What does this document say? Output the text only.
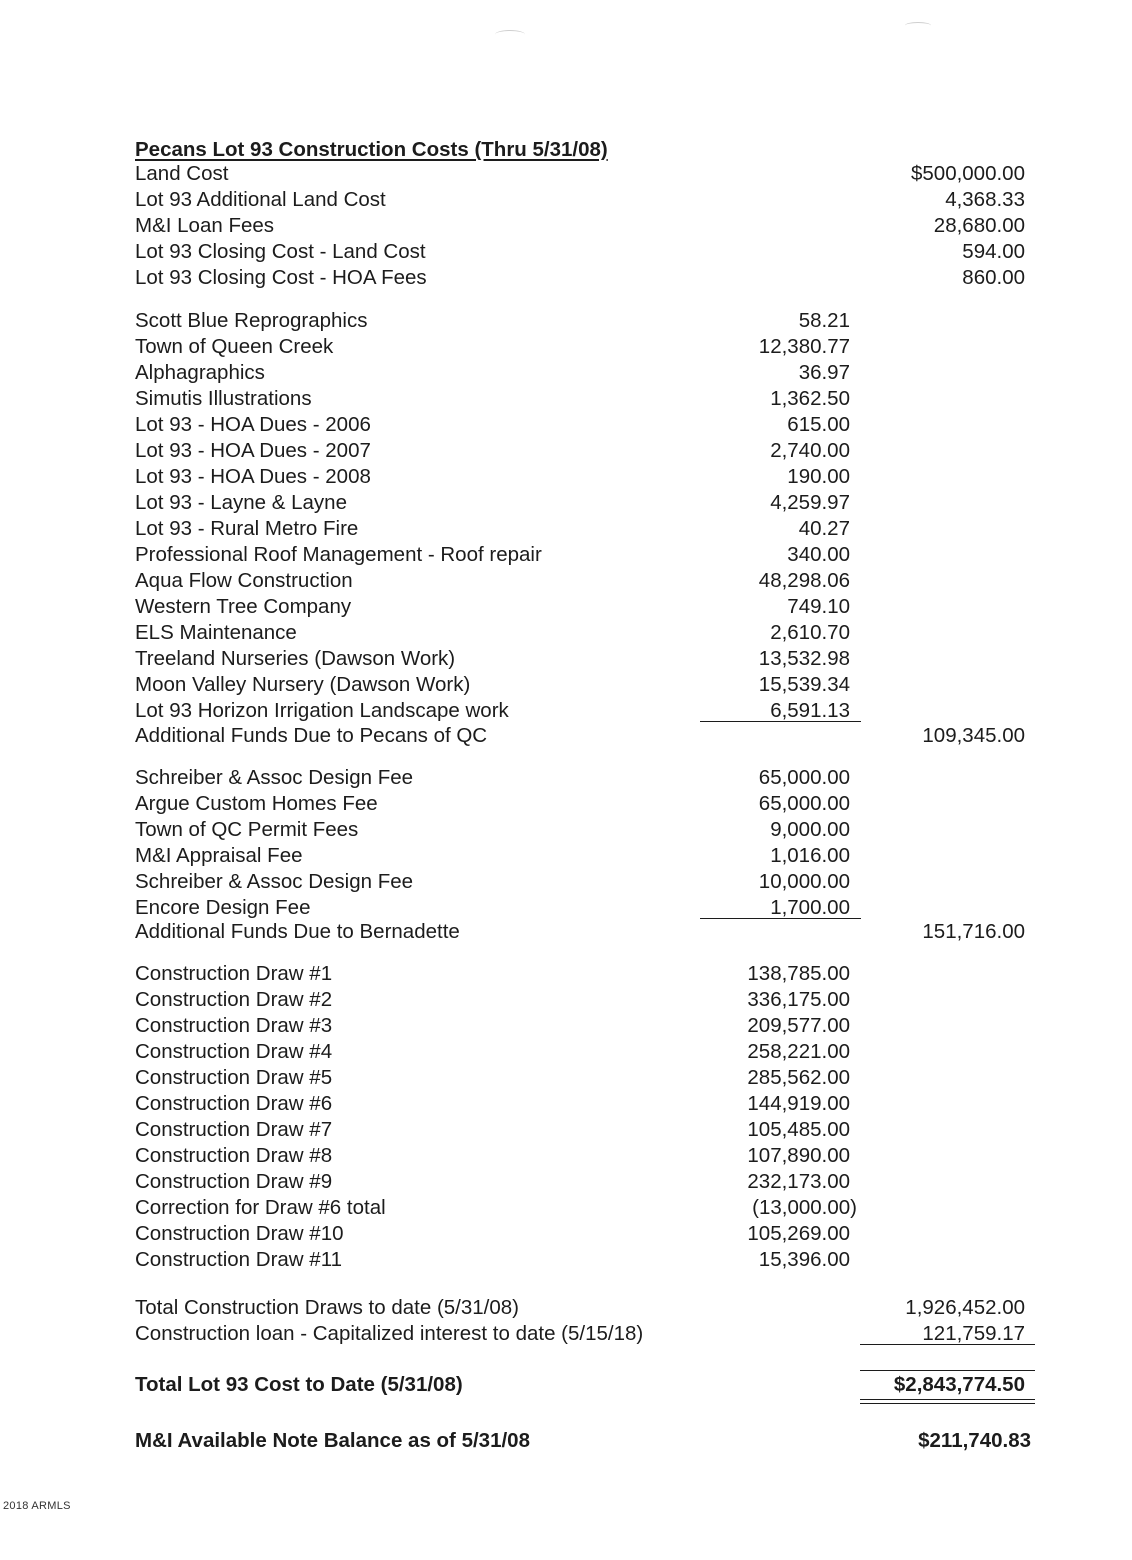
Pecans Lot 93 Construction Costs (Thru 5/31/08)
Land Cost	$500,000.00
Lot 93 Additional Land Cost	4,368.33
M&I Loan Fees	28,680.00
Lot 93 Closing Cost - Land Cost	594.00
Lot 93 Closing Cost - HOA Fees	860.00
Scott Blue Reprographics	58.21
Town of Queen Creek	12,380.77
Alphagraphics	36.97
Simutis Illustrations	1,362.50
Lot 93 - HOA Dues - 2006	615.00
Lot 93 - HOA Dues - 2007	2,740.00
Lot 93 - HOA Dues - 2008	190.00
Lot 93 - Layne & Layne	4,259.97
Lot 93 - Rural Metro Fire	40.27
Professional Roof Management - Roof repair	340.00
Aqua Flow Construction	48,298.06
Western Tree Company	749.10
ELS Maintenance	2,610.70
Treeland Nurseries (Dawson Work)	13,532.98
Moon Valley Nursery (Dawson Work)	15,539.34
Lot 93 Horizon Irrigation Landscape work	6,591.13
Additional Funds Due to Pecans of QC	109,345.00
Schreiber & Assoc Design Fee	65,000.00
Argue Custom Homes Fee	65,000.00
Town of QC Permit Fees	9,000.00
M&I Appraisal Fee	1,016.00
Schreiber & Assoc Design Fee	10,000.00
Encore Design Fee	1,700.00
Additional Funds Due to Bernadette	151,716.00
Construction Draw #1	138,785.00
Construction Draw #2	336,175.00
Construction Draw #3	209,577.00
Construction Draw #4	258,221.00
Construction Draw #5	285,562.00
Construction Draw #6	144,919.00
Construction Draw #7	105,485.00
Construction Draw #8	107,890.00
Construction Draw #9	232,173.00
Correction for Draw #6 total	(13,000.00)
Construction Draw #10	105,269.00
Construction Draw #11	15,396.00
Total Construction Draws to date (5/31/08)	1,926,452.00
Construction loan - Capitalized interest to date (5/15/18)	121,759.17
Total Lot 93 Cost to Date (5/31/08)	$2,843,774.50
M&I Available Note Balance as of 5/31/08	$211,740.83
2018 ARMLS
